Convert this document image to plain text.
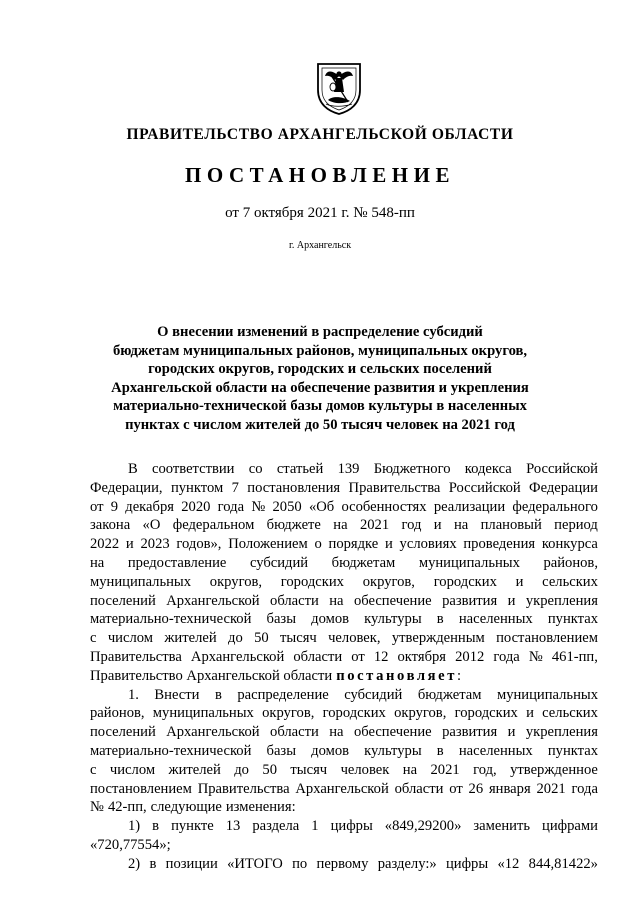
ПРАВИТЕЛЬСТВО АРХАНГЕЛЬСКОЙ ОБЛАСТИ
ПОСТАНОВЛЕНИЕ
от 7 октября 2021 г. № 548-пп
г. Архангельск
О внесении изменений в распределение субсидий
бюджетам муниципальных районов, муниципальных округов,
городских округов, городских и сельских поселений
Архангельской области на обеспечение развития и укрепления
материально-технической базы домов культуры в населенных
пунктах с числом жителей до 50 тысяч человек на 2021 год
В соответствии со статьей 139 Бюджетного кодекса Российской
Федерации, пунктом 7 постановления Правительства Российской Федерации
от 9 декабря 2020 года № 2050 «Об особенностях реализации федерального
закона «О федеральном бюджете на 2021 год и на плановый период
2022 и 2023 годов», Положением о порядке и условиях проведения конкурса
на предоставление субсидий бюджетам муниципальных районов,
муниципальных округов, городских округов, городских и сельских
поселений Архангельской области на обеспечение развития и укрепления
материально-технической базы домов культуры в населенных пунктах
с числом жителей до 50 тысяч человек, утвержденным постановлением
Правительства Архангельской области от 12 октября 2012 года № 461-пп,
Правительство Архангельской области постановляет :
1. Внести в распределение субсидий бюджетам муниципальных
районов, муниципальных округов, городских округов, городских и сельских
поселений Архангельской области на обеспечение развития и укрепления
материально-технической базы домов культуры в населенных пунктах
с числом жителей до 50 тысяч человек на 2021 год, утвержденное
постановлением Правительства Архангельской области от 26 января 2021 года
№ 42-пп, следующие изменения:
1) в пункте 13 раздела 1 цифры «849,29200» заменить цифрами
«720,77554»;
2) в позиции «ИТОГО по первому разделу:» цифры «12 844,81422»
